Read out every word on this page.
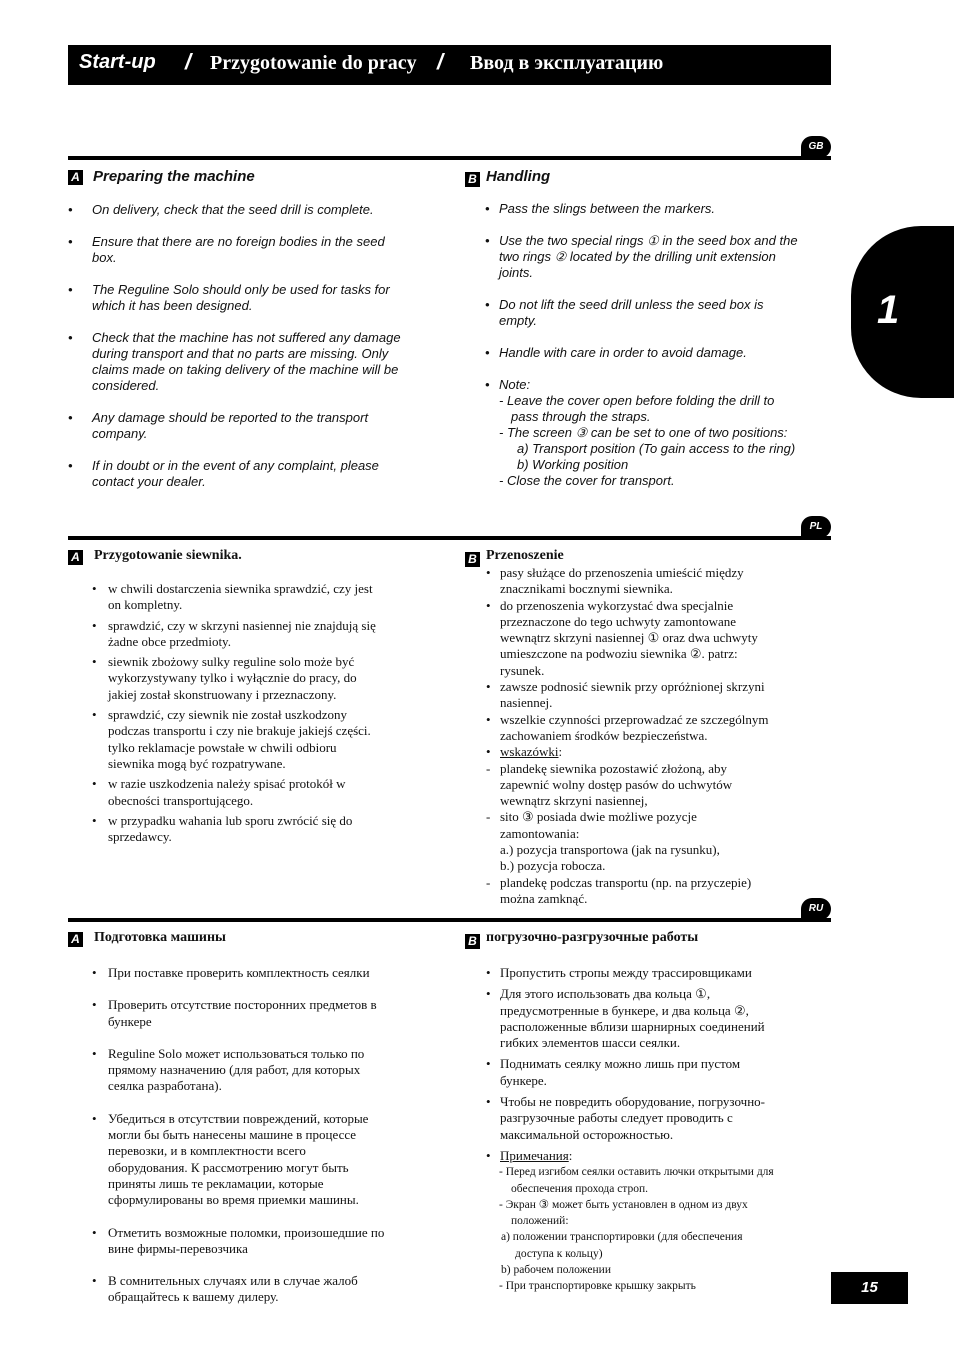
Start-up / Przygotowanie do pracy / Ввод в эксплуатацию
1
GB
A Preparing the machine
•	On delivery, check that the seed drill is complete.
•	Ensure that there are no foreign bodies in the seed
box.
•	The Reguline Solo should only be used for tasks for
which it has been designed.
•	Check that the machine has not suffered any damage
during transport and that no parts are missing. Only
claims made on taking delivery of the machine will be
considered.
•	Any damage should be reported to the transport
company.
•	If in doubt or in the event of any complaint, please
contact your dealer.
B Handling
• Pass the slings between the markers.
• Use the two special rings ① in the seed box and the
two rings ② located by the drilling unit extension
joints.
• Do not lift the seed drill unless the seed box is
empty.
• Handle with care in order to avoid damage.
• Note:
- Leave the cover open before folding the drill to
pass through the straps.
- The screen ③ can be set to one of two positions:
a) Transport position (To gain access to the ring)
b) Working position
- Close the cover for transport.
PL
A Przygotowanie siewnika.
• w chwili dostarczenia siewnika sprawdzić, czy jest
on kompletny.
• sprawdzić, czy w skrzyni nasiennej nie znajdują się
żadne obce przedmioty.
• siewnik zbożowy sulky reguline solo może być
wykorzystywany tylko i wyłącznie do pracy, do
jakiej został skonstruowany i przeznaczony.
• sprawdzić, czy siewnik nie został uszkodzony
podczas transportu i czy nie brakuje jakiejś części.
tylko reklamacje powstałe w chwili odbioru
siewnika mogą być rozpatrywane.
• w razie uszkodzenia należy spisać protokół w
obecności transportującego.
• w przypadku wahania lub sporu zwrócić się do
sprzedawcy.
B Przenoszenie
• pasy służące do przenoszenia umieścić między
znacznikami bocznymi siewnika.
• do przenoszenia wykorzystać dwa specjalnie
przeznaczone do tego uchwyty zamontowane
wewnątrz skrzyni nasiennej ① oraz dwa uchwyty
umieszczone na podwoziu siewnika ②. patrz:
rysunek.
• zawsze podnosić siewnik przy opróżnionej skrzyni
nasiennej.
• wszelkie czynności przeprowadzać ze szczególnym
zachowaniem środków bezpieczeństwa.
• wskazówki:
- plandekę siewnika pozostawić złożoną, aby
zapewnić wolny dostęp pasów do uchwytów
wewnątrz skrzyni nasiennej,
- sito ③ posiada dwie możliwe pozycje
zamontowania:
a.) pozycja transportowa (jak na rysunku),
b.) pozycja robocza.
- plandekę podczas transportu (np. na przyczepie)
można zamknąć.
RU
A Подготовка машины
• При поставке проверить комплектность сеялки
• Проверить отсутствие посторонних предметов в
бункере
• Reguline Solo может использоваться только по
прямому назначению (для работ, для которых
сеялка разработана).
• Убедиться в отсутствии повреждений, которые
могли бы быть нанесены машине в процессе
перевозки, и в комплектности всего
оборудования. К рассмотрению могут быть
приняты лишь те рекламации, которые
сформулированы во время приемки машины.
• Отметить возможные поломки, произошедшие по
вине фирмы-перевозчика
• В сомнительных случаях или в случае жалоб
обращайтесь к вашему дилеру.
B погрузочно-разгрузочные работы
• Пропустить стропы между трассировщиками
• Для этого использовать два кольца ①,
предусмотренные в бункере, и два кольца ②,
расположенные вблизи шарнирных соединений
гибких элементов шасси сеялки.
• Поднимать сеялку можно лишь при пустом
бункере.
• Чтобы не повредить оборудование, погрузочно-
разгрузочные работы следует проводить с
максимальной осторожностью.
• Примечания:
- Перед изгибом сеялки оставить лючки открытыми для
обеспечения прохода строп.
- Экран ③ может быть установлен в одном из двух
положений:
а) положении транспортировки (для обеспечения
доступа к кольцу)
b) рабочем положении
- При транспортировке крышку закрыть	15
